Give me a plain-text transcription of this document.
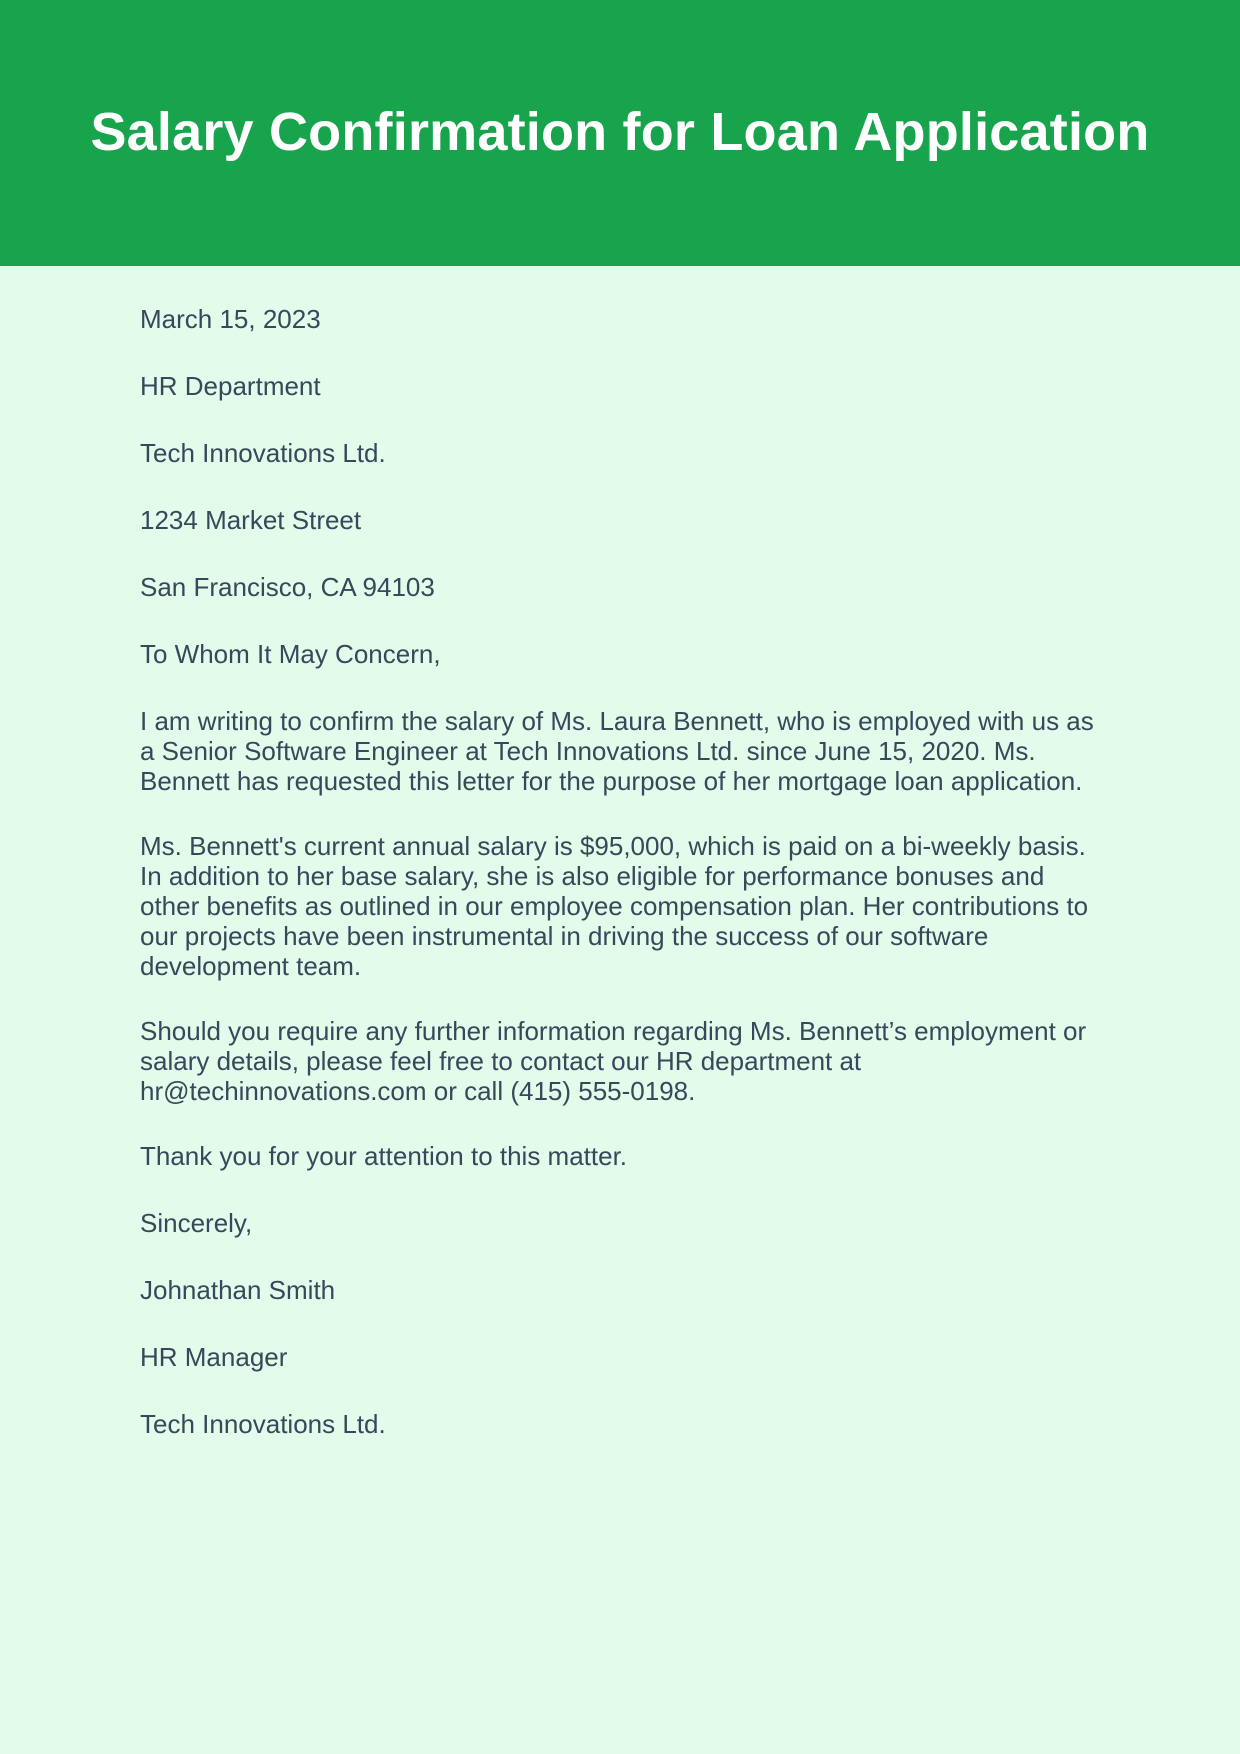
Salary Confirmation for Loan Application

March 15, 2023

HR Department

Tech Innovations Ltd.

1234 Market Street

San Francisco, CA 94103

To Whom It May Concern,

I am writing to confirm the salary of Ms. Laura Bennett, who is employed with us as a Senior Software Engineer at Tech Innovations Ltd. since June 15, 2020. Ms. Bennett has requested this letter for the purpose of her mortgage loan application.

Ms. Bennett's current annual salary is $95,000, which is paid on a bi-weekly basis. In addition to her base salary, she is also eligible for performance bonuses and other benefits as outlined in our employee compensation plan. Her contributions to our projects have been instrumental in driving the success of our software development team.

Should you require any further information regarding Ms. Bennett’s employment or salary details, please feel free to contact our HR department at hr@techinnovations.com or call (415) 555-0198.

Thank you for your attention to this matter.

Sincerely,

Johnathan Smith

HR Manager

Tech Innovations Ltd.
